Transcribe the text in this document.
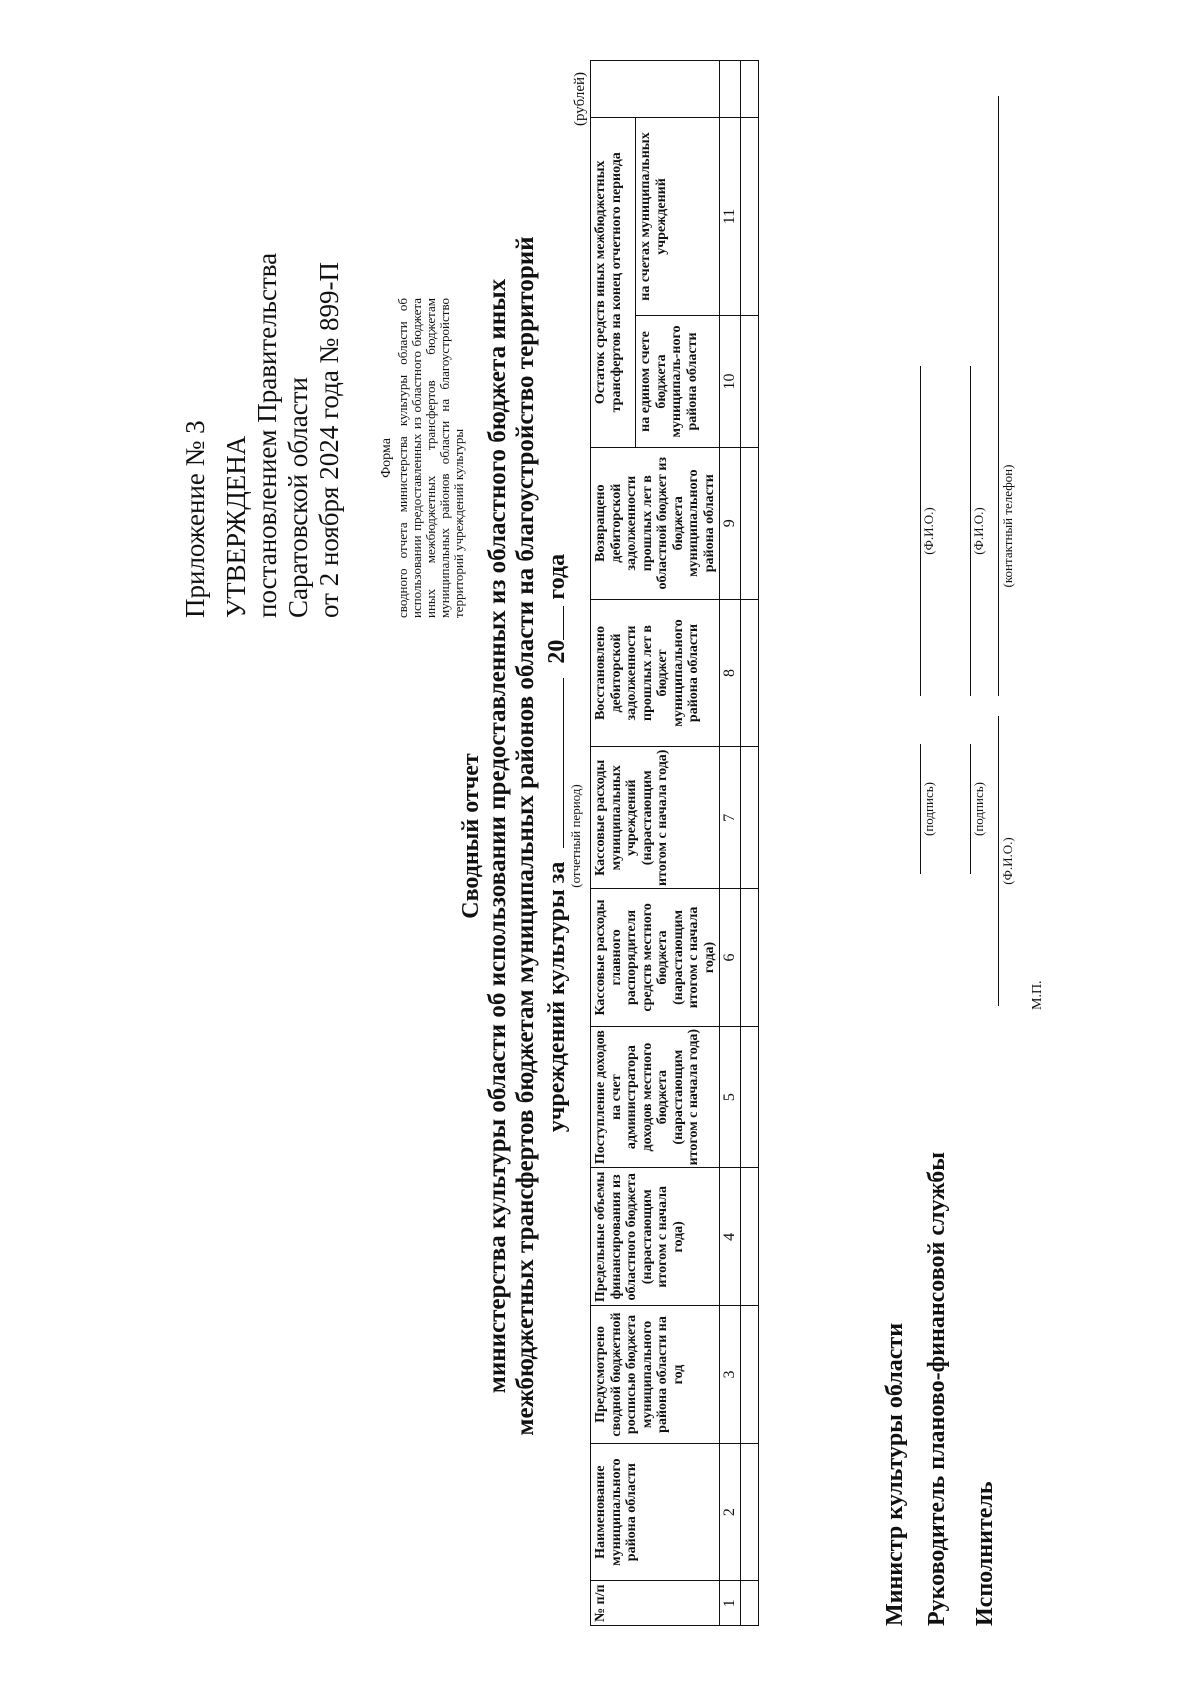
Приложение № 3 УТВЕРЖДЕНА постановлением Правительства Саратовской области от 2 ноября 2024 года № 899-П	Форма сводного отчета министерства культуры области об использовании предоставленных из областного бюджета иных межбюджетных трансфертов бюджетам муниципальных районов области на благоустройство территорий учреждений культуры
Сводный отчет министерства культуры области об использовании предоставленных из областного бюджета иных межбюджетных трансфертов бюджетам муниципальных районов области на благоустройство территорий учреждений культуры за  20 года
(отчетный период)
(рублей)
№ п/п	Наименование муниципального района области	Предусмотрено сводной бюджетной росписью бюджета муниципального района области на год	Предельные объемы финансирования из областного бюджета (нарастающим итогом с начала года)	Поступление доходов на счет администратора доходов местного бюджета (нарастающим итогом с начала года)	Кассовые расходы главного распорядителя средств местного бюджета (нарастающим итогом с начала года)	Кассовые расходы муниципальных учреждений (нарастающим итогом с начала года)	Восстановлено дебиторской задолженности прошлых лет в бюджет муниципального района области	Возвращено дебиторской задолженности прошлых лет в областной бюджет из бюджета муниципального района области	Остаток средств иных межбюджетных трансфертов на конец отчетного периода		
									на едином счете бюджета муниципаль-ного района области	на счетах муниципальных учреждений	
1	2	3	4	5	6	7	8	9	10	11	

Министр культуры области Руководитель планово-финансовой службы
(подпись)
(Ф.И.О.)
Исполнитель
(подпись)
(Ф.И.О.)
(Ф.И.О.)
(контактный телефон)
М.П.
